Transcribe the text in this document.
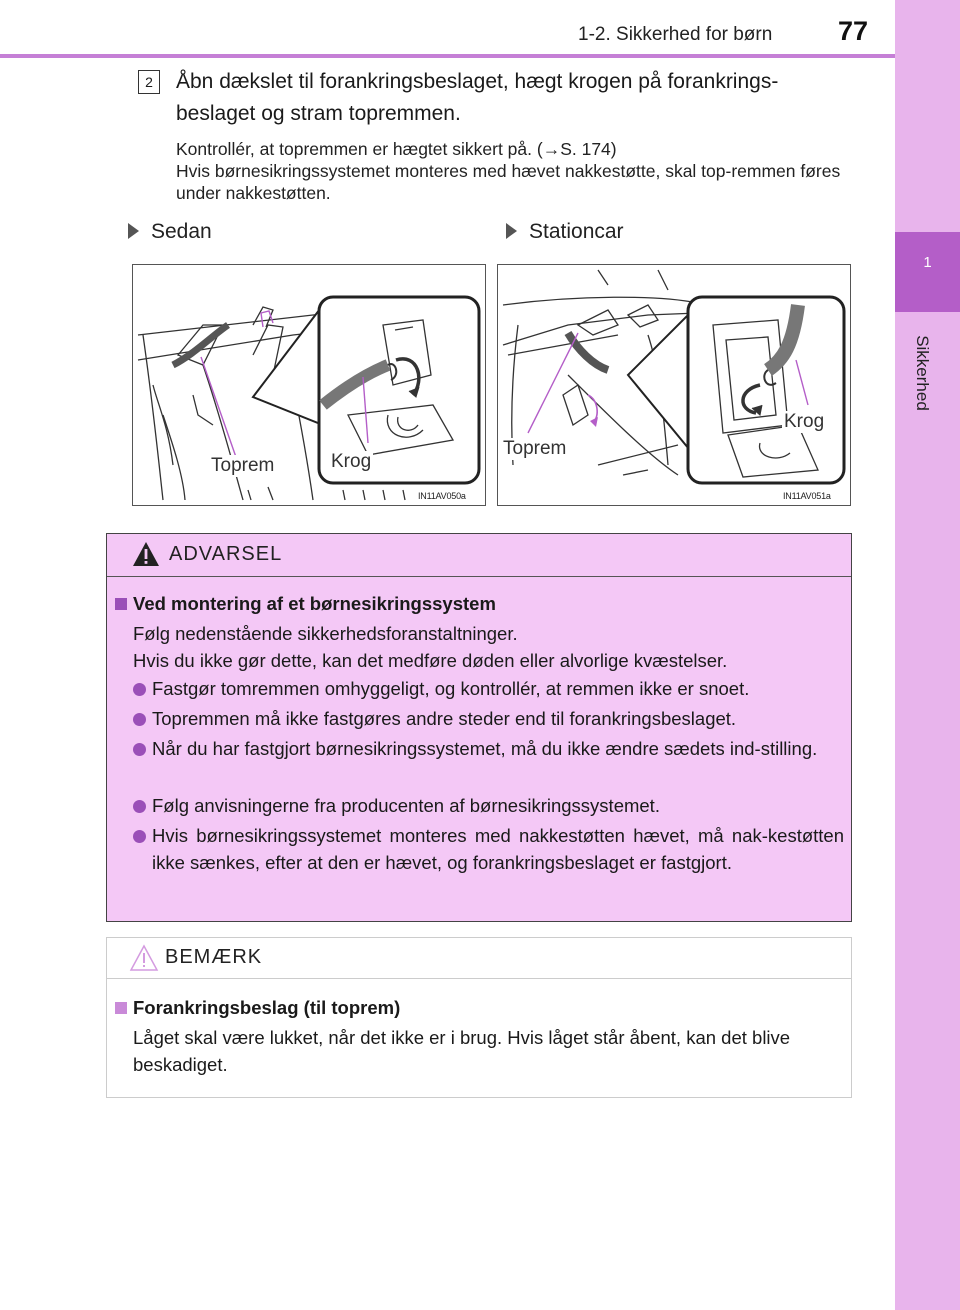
1-2. Sikkerhed for børn 77
1
Sikkerhed
2	Åbn dækslet til forankringsbeslaget, hægt krogen på forankrings-beslaget og stram topremmen.
Kontrollér, at topremmen er hægtet sikkert på. (→S. 174)
Hvis børnesikringssystemet monteres med hævet nakkestøtte, skal top-remmen føres under nakkestøtten.
Sedan	Stationcar
Toprem	Krog
IN11AV050a
Toprem
Krog
IN11AV051a
ADVARSEL
Ved montering af et børnesikringssystem
Følg nedenstående sikkerhedsforanstaltninger.
Hvis du ikke gør dette, kan det medføre døden eller alvorlige kvæstelser.
Fastgør tomremmen omhyggeligt, og kontrollér, at remmen ikke er snoet.
Topremmen må ikke fastgøres andre steder end til forankringsbeslaget.
Når du har fastgjort børnesikringssystemet, må du ikke ændre sædets ind-stilling.
Følg anvisningerne fra producenten af børnesikringssystemet.
Hvis børnesikringssystemet monteres med nakkestøtten hævet, må nak-kestøtten ikke sænkes, efter at den er hævet, og forankringsbeslaget er fastgjort.
BEMÆRK
Forankringsbeslag (til toprem)
Låget skal være lukket, når det ikke er i brug. Hvis låget står åbent, kan det blive beskadiget.
